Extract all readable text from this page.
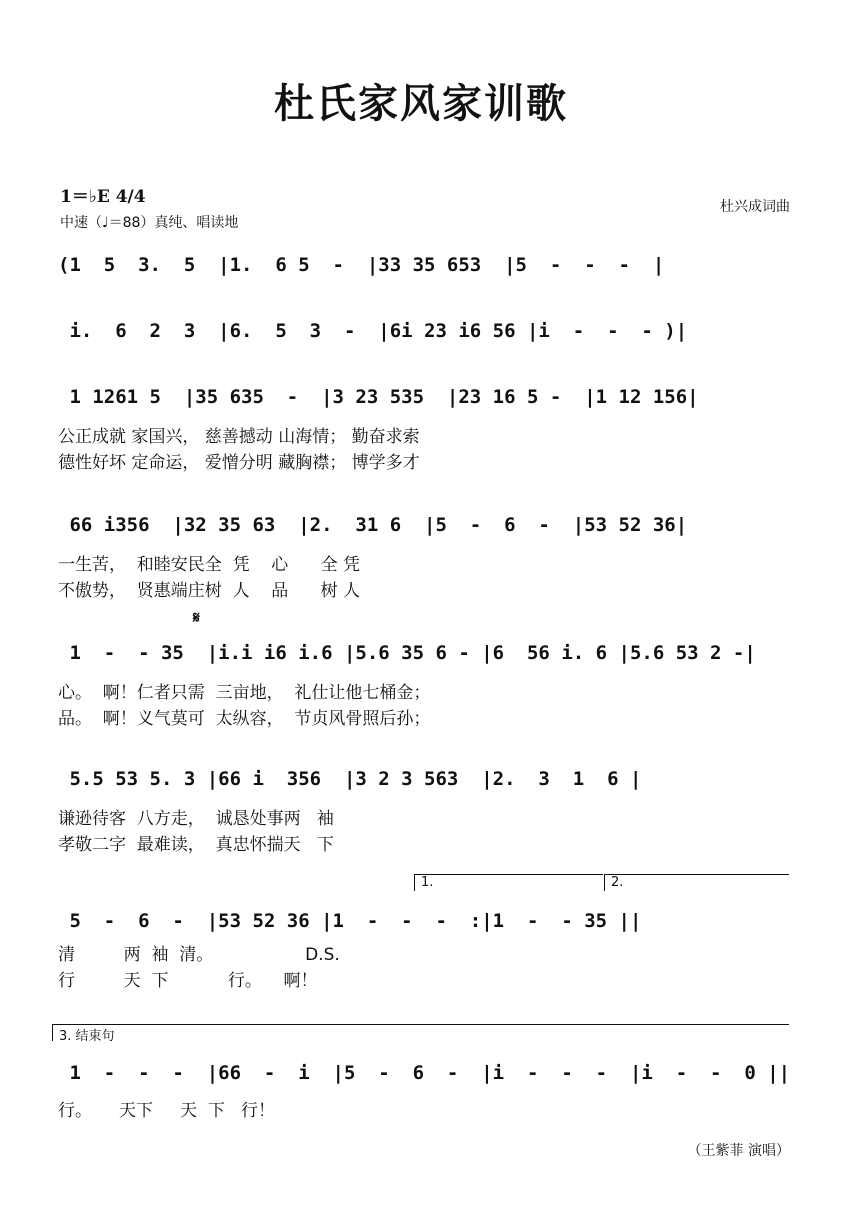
杜氏家风家训歌
1＝♭E 4/4
中速（♩＝88）真纯、唱读地
杜兴成词曲
(1  5  3.  5  |1.  6 5  -  |33 35 653  |5  -  -  -  |
i.  6  2  3  |6.  5  3  -  |6i 23 i6 56 |i  -  -  - )|
1 1261 5  |35 635  -  |3 23 535  |23 16 5 -  |1 12 156|
公正成就 家国兴， 慈善撼动 山海情； 勤奋求索
德性好坏 定命运， 爱憎分明 藏胸襟； 博学多才
66 i356  |32 35 63  |2.  31 6  |5  -  6  -  |53 52 36|
一生苦，  和睦安民全  凭    心      全 凭
不傲势，  贤惠端庄树  人    品      树 人
𝄋
1  -  - 35  |i.i i6 i.6 |5.6 35 6 - |6  56 i. 6 |5.6 53 2 -|
心。  啊！仁者只需  三亩地，  礼仕让他七桶金；
品。  啊！义气莫可  太纵容，  节贞风骨照后孙；
5.5 53 5. 3 |66 i  356  |3 2 3 563  |2.  3  1  6 |
谦逊待客  八方走，  诚恳处事两   袖
孝敬二字  最难读，  真忠怀揣天   下
1.	2.
5  -  6  -  |53 52 36 |1  -  -  -  :|1  -  - 35 ||
清         两  袖  清。                 D.S.
行         天  下           行。    啊！
3. 结束句
1  -  -  -  |66  -  i  |5  -  6  -  |i  -  -  -  |i  -  -  0 ||
行。     天下     天  下   行！
（王紫菲 演唱）
